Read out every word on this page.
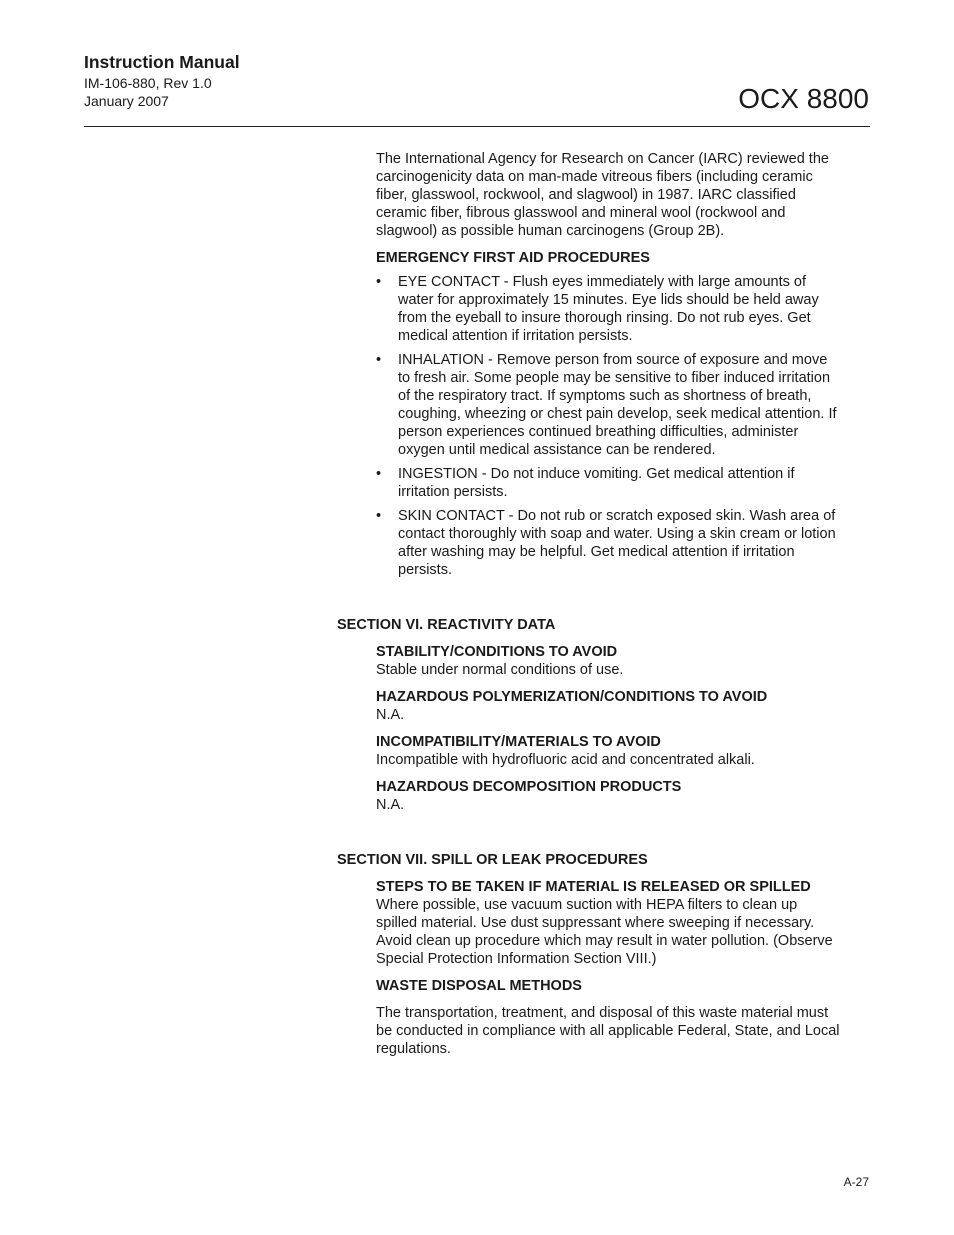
Instruction Manual
IM-106-880, Rev 1.0
January 2007	OCX 8800

The International Agency for Research on Cancer (IARC) reviewed the

carcinogenicity data on man-made vitreous fibers (including ceramic

fiber, glasswool, rockwool, and slagwool) in 1987. IARC classified

ceramic fiber, fibrous glasswool and mineral wool (rockwool and

slagwool) as possible human carcinogens (Group 2B).

EMERGENCY FIRST AID PROCEDURES
• EYE CONTACT - Flush eyes immediately with large amounts of

water for approximately 15 minutes. Eye lids should be held away

from the eyeball to insure thorough rinsing. Do not rub eyes. Get

medical attention if irritation persists.

• INHALATION - Remove person from source of exposure and move

to fresh air. Some people may be sensitive to fiber induced irritation

of the respiratory tract. If symptoms such as shortness of breath,

coughing, wheezing or chest pain develop, seek medical attention. If

person experiences continued breathing difficulties, administer

oxygen until medical assistance can be rendered.

• INGESTION - Do not induce vomiting. Get medical attention if

irritation persists.

• SKIN CONTACT - Do not rub or scratch exposed skin. Wash area of

contact thoroughly with soap and water. Using a skin cream or lotion

after washing may be helpful. Get medical attention if irritation

persists.

SECTION VI. REACTIVITY DATA

STABILITY/CONDITIONS TO AVOID

Stable under normal conditions of use.

HAZARDOUS POLYMERIZATION/CONDITIONS TO AVOID

N.A.

INCOMPATIBILITY/MATERIALS TO AVOID

Incompatible with hydrofluoric acid and concentrated alkali.

HAZARDOUS DECOMPOSITION PRODUCTS

N.A.

SECTION VII. SPILL OR LEAK PROCEDURES

STEPS TO BE TAKEN IF MATERIAL IS RELEASED OR SPILLED

Where possible, use vacuum suction with HEPA filters to clean up

spilled material. Use dust suppressant where sweeping if necessary.

Avoid clean up procedure which may result in water pollution. (Observe

Special Protection Information Section VIII.)

WASTE DISPOSAL METHODS

The transportation, treatment, and disposal of this waste material must

be conducted in compliance with all applicable Federal, State, and Local

regulations.

A-27
